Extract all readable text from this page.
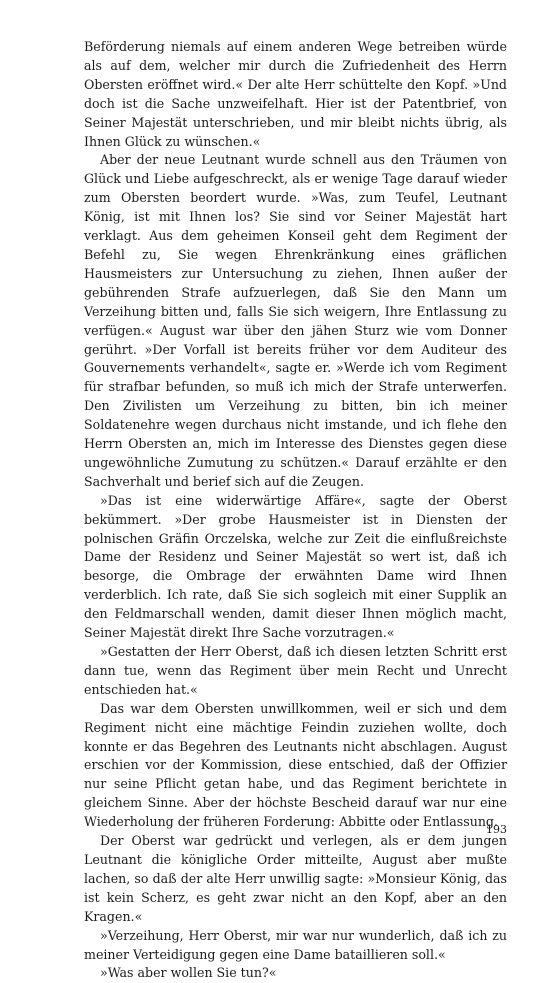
Beförderung niemals auf einem anderen Wege betreiben würde als auf dem, welcher mir durch die Zufriedenheit des Herrn Obersten eröffnet wird.« Der alte Herr schüttelte den Kopf. »Und doch ist die Sache unzweifelhaft. Hier ist der Patentbrief, von Seiner Majestät unterschrieben, und mir bleibt nichts übrig, als Ihnen Glück zu wünschen.«

Aber der neue Leutnant wurde schnell aus den Träumen von Glück und Liebe aufgeschreckt, als er wenige Tage darauf wieder zum Obersten beordert wurde. »Was, zum Teufel, Leutnant König, ist mit Ihnen los? Sie sind vor Seiner Majestät hart verklagt. Aus dem geheimen Konseil geht dem Regiment der Befehl zu, Sie wegen Ehrenkränkung eines gräflichen Hausmeisters zur Untersuchung zu ziehen, Ihnen außer der gebührenden Strafe aufzuerlegen, daß Sie den Mann um Verzeihung bitten und, falls Sie sich weigern, Ihre Entlassung zu verfügen.« August war über den jähen Sturz wie vom Donner gerührt. »Der Vorfall ist bereits früher vor dem Auditeur des Gouvernements verhandelt«, sagte er. »Werde ich vom Regiment für strafbar befunden, so muß ich mich der Strafe unterwerfen. Den Zivilisten um Verzeihung zu bitten, bin ich meiner Soldatenehre wegen durchaus nicht imstande, und ich flehe den Herrn Obersten an, mich im Interesse des Dienstes gegen diese ungewöhnliche Zumutung zu schützen.« Darauf erzählte er den Sachverhalt und berief sich auf die Zeugen.

»Das ist eine widerwärtige Affäre«, sagte der Oberst bekümmert. »Der grobe Hausmeister ist in Diensten der polnischen Gräfin Orczelska, welche zur Zeit die einflußreichste Dame der Residenz und Seiner Majestät so wert ist, daß ich besorge, die Ombrage der erwähnten Dame wird Ihnen verderblich. Ich rate, daß Sie sich sogleich mit einer Supplik an den Feldmarschall wenden, damit dieser Ihnen möglich macht, Seiner Majestät direkt Ihre Sache vorzutragen.«

»Gestatten der Herr Oberst, daß ich diesen letzten Schritt erst dann tue, wenn das Regiment über mein Recht und Unrecht entschieden hat.«

Das war dem Obersten unwillkommen, weil er sich und dem Regiment nicht eine mächtige Feindin zuziehen wollte, doch konnte er das Begehren des Leutnants nicht abschlagen. August erschien vor der Kommission, diese entschied, daß der Offizier nur seine Pflicht getan habe, und das Regiment berichtete in gleichem Sinne. Aber der höchste Bescheid darauf war nur eine Wiederholung der früheren Forderung: Abbitte oder Entlassung.

Der Oberst war gedrückt und verlegen, als er dem jungen Leutnant die königliche Order mitteilte, August aber mußte lachen, so daß der alte Herr unwillig sagte: »Monsieur König, das ist kein Scherz, es geht zwar nicht an den Kopf, aber an den Kragen.«

»Verzeihung, Herr Oberst, mir war nur wunderlich, daß ich zu meiner Verteidigung gegen eine Dame bataillieren soll.«

»Was aber wollen Sie tun?«

193
